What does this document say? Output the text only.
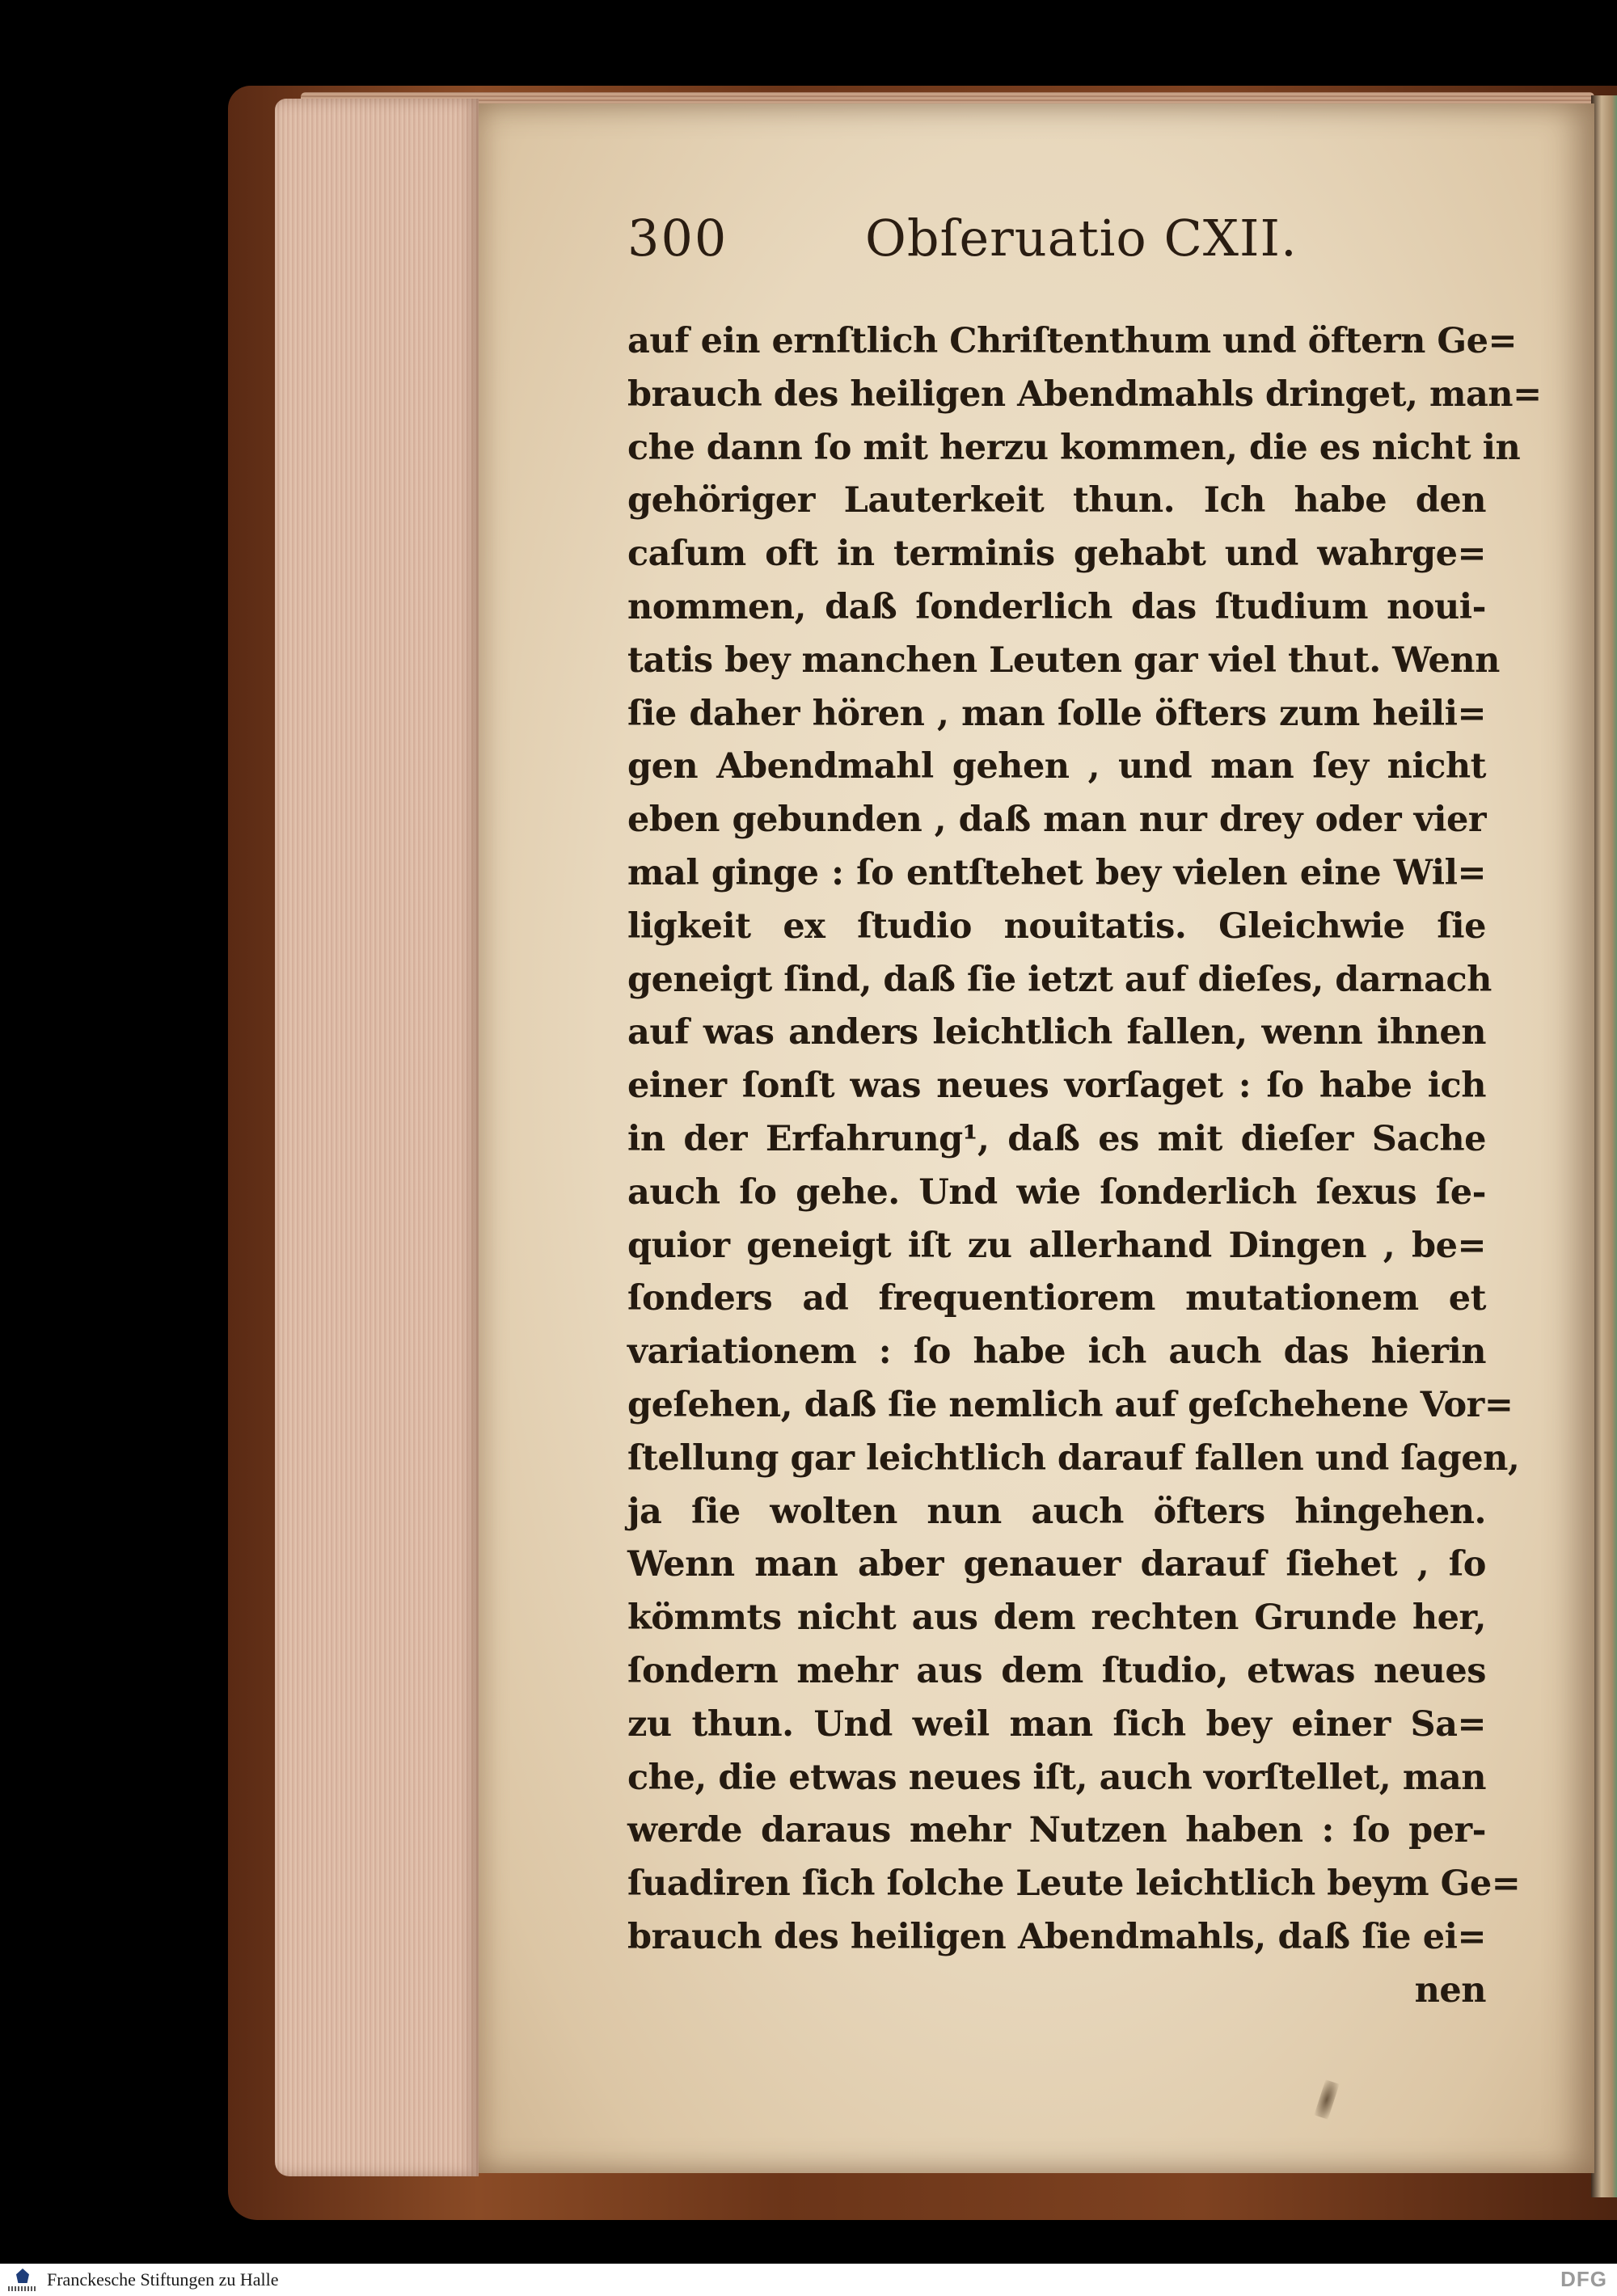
300	Obſeruatio CXII.
auf ein ernſtlich Chriſtenthum und öftern Ge=
brauch des heiligen Abendmahls dringet, man=
che dann ſo mit herzu kommen, die es nicht in
gehöriger Lauterkeit thun. Ich habe den
caſum oft in terminis gehabt und wahrge=
nommen, daß ſonderlich das ſtudium noui-
tatis bey manchen Leuten gar viel thut. Wenn
ſie daher hören , man ſolle öfters zum heili=
gen Abendmahl gehen , und man ſey nicht
eben gebunden , daß man nur drey oder vier
mal ginge : ſo entſtehet bey vielen eine Wil=
ligkeit ex ſtudio nouitatis. Gleichwie ſie
geneigt ſind, daß ſie ietzt auf dieſes, darnach
auf was anders leichtlich fallen, wenn ihnen
einer ſonſt was neues vorſaget : ſo habe ich
in der Erfahrung¹, daß es mit dieſer Sache
auch ſo gehe. Und wie ſonderlich ſexus ſe-
quior geneigt iſt zu allerhand Dingen , be=
ſonders ad frequentiorem mutationem et
variationem : ſo habe ich auch das hierin
geſehen, daß ſie nemlich auf geſchehene Vor=
ſtellung gar leichtlich darauf fallen und ſagen,
ja ſie wolten nun auch öfters hingehen.
Wenn man aber genauer darauf ſiehet , ſo
kömmts nicht aus dem rechten Grunde her,
ſondern mehr aus dem ſtudio, etwas neues
zu thun. Und weil man ſich bey einer Sa=
che, die etwas neues iſt, auch vorſtellet, man
werde daraus mehr Nutzen haben : ſo per-
ſuadiren ſich ſolche Leute leichtlich beym Ge=
brauch des heiligen Abendmahls, daß ſie ei=
nen
Franckesche Stiftungen zu Halle	DFG
